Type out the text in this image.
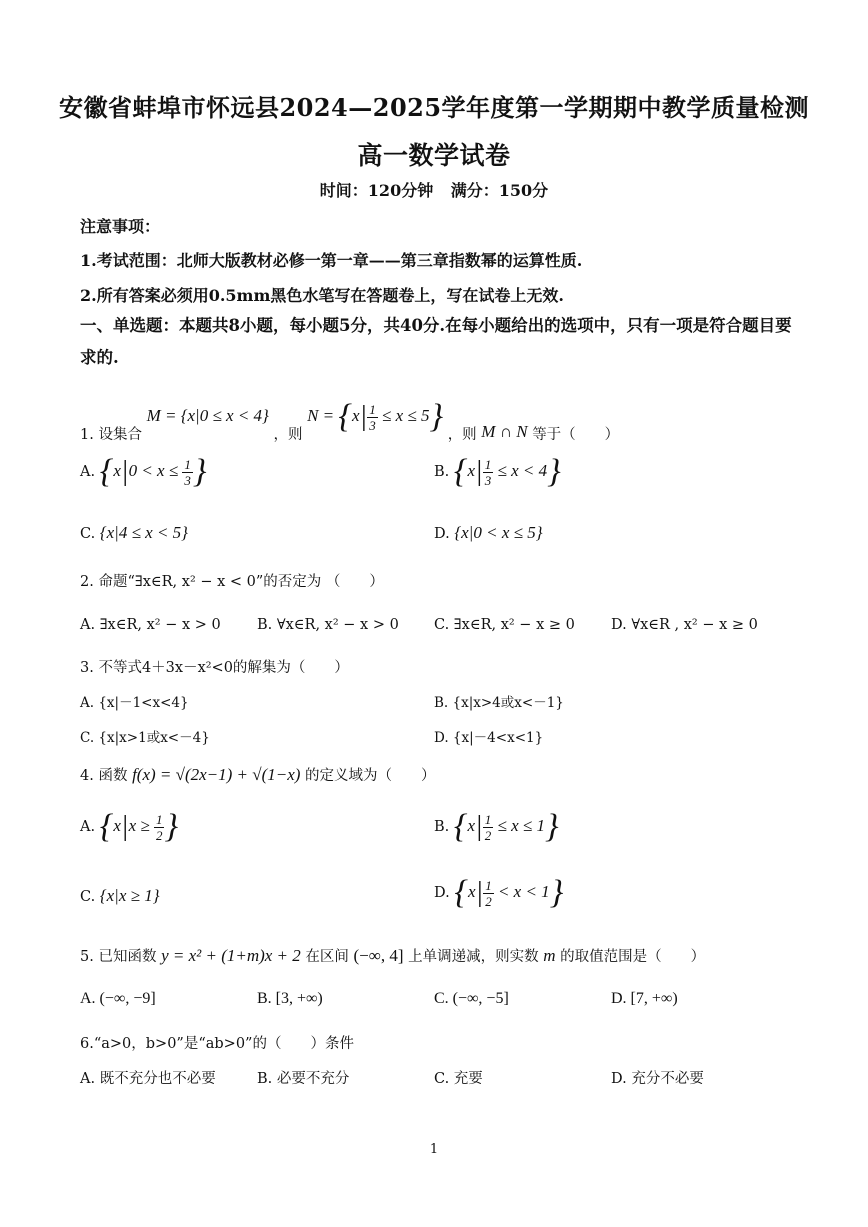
安徽省蚌埠市怀远县2024—2025学年度第一学期期中教学质量检测
高一数学试卷
时间：120分钟 满分：150分
注意事项：
1.考试范围：北师大版教材必修一第一章——第三章指数幂的运算性质.
2.所有答案必须用0.5mm黑色水笔写在答题卷上，写在试卷上无效.
一、单选题：本题共8小题，每小题5分，共40分.在每小题给出的选项中，只有一项是符合题目要求的.
1. 设集合 M = {x|0 ≤ x < 4} ，则 $N = \{x| \frac{1}{3} \le x \le 5\}$ ，则 M ∩ N 等于（　　）
A. {$x|0 < x \le \frac{1}{3}$ }	B. $\{x| \frac{1}{3} \le x < 4\}$
C. {x|4 ≤ x < 5}	D. {x|0 < x ≤ 5}
2. 命题“∃x∈R, x² − x < 0”的否定为 （　　）
A. ∃x∈R, x² − x > 0	B. ∀x∈R, x² − x > 0 C. ∃x∈R, x² − x ≥ 0 D. ∀x∈R , x² − x ≥ 0
3. 不等式4＋3x－x²<0的解集为（　　）
A. {x|－1<x<4}	B. {x|x>4或x<－1}
C. {x|x>1或x<－4}	D. {x|－4<x<1}
4. 函数 f(x) = √(2x−1) + √(1−x) 的定义域为（　　）
A. {$x|x \ge \frac{1}{2}$ }	B. $\{x| \frac{1}{2} \le x \le 1\}$
C. {x|x ≥ 1}	D. $\{x| \frac{1}{2} < x < 1\}$
5. 已知函数 y = x² + (1+m)x + 2 在区间 (−∞, 4] 上单调递减，则实数 m 的取值范围是（　　）
A. (−∞, −9]	B. [3, +∞)	C. (−∞, −5]	D. [7, +∞)
6.“a>0，b>0”是“ab>0”的（　　）条件
A. 既不充分也不必要	B. 必要不充分	C. 充要	D. 充分不必要
1
